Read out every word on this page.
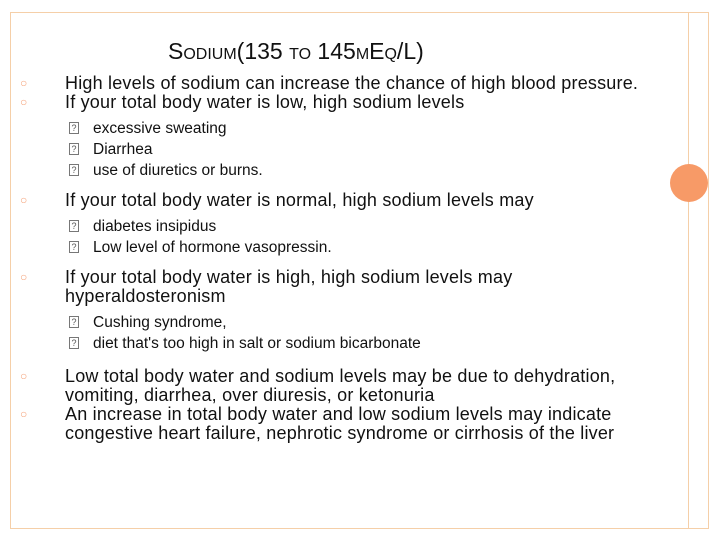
Sodium(135 to 145mEq/L)
○	High levels of sodium can increase the chance of high blood pressure.
○	If your total body water is low, high sodium levels
? excessive sweating
? Diarrhea
? use of diuretics or burns.
○	If your total body water is normal, high sodium levels may
? diabetes insipidus
? Low level of hormone vasopressin.
○	If your total body water is high, high sodium levels may hyperaldosteronism
? Cushing syndrome,
? diet that's too high in salt or sodium bicarbonate
○	Low total body water and sodium levels may be due to dehydration, vomiting, diarrhea, over diuresis, or ketonuria
○	An increase in total body water and low sodium levels may indicate congestive heart failure, nephrotic syndrome or cirrhosis of the liver
